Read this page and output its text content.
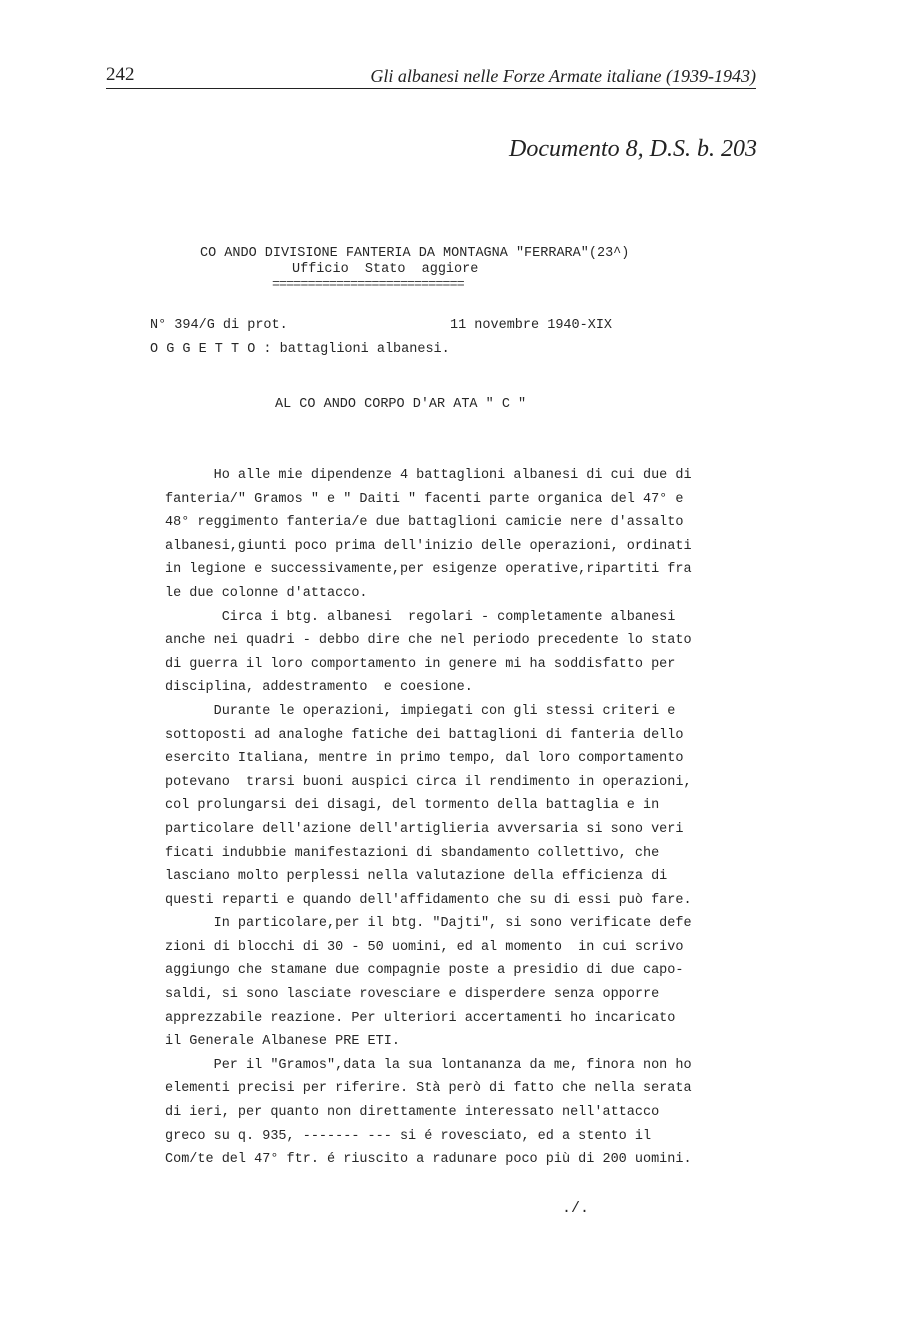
242	Gli albanesi nelle Forze Armate italiane (1939-1943)
Documento 8, D.S. b. 203
CO ANDO DIVISIONE FANTERIA DA MONTAGNA "FERRARA"(23^)
Ufficio  Stato  aggiore
===========================
N° 394/G di prot.	11 novembre 1940-XIX
O G G E T T O : battaglioni albanesi.
AL CO ANDO CORPO D'AR ATA " C "
Ho alle mie dipendenze 4 battaglioni albanesi di cui due di
fanteria/" Gramos " e " Daiti " facenti parte organica del 47° e
48° reggimento fanteria/e due battaglioni camicie nere d'assalto
albanesi,giunti poco prima dell'inizio delle operazioni, ordinati
in legione e successivamente,per esigenze operative,ripartiti fra
le due colonne d'attacco.
Circa i btg. albanesi  regolari - completamente albanesi
anche nei quadri - debbo dire che nel periodo precedente lo stato
di guerra il loro comportamento in genere mi ha soddisfatto per
disciplina, addestramento  e coesione.
Durante le operazioni, impiegati con gli stessi criteri e
sottoposti ad analoghe fatiche dei battaglioni di fanteria dello
esercito Italiana, mentre in primo tempo, dal loro comportamento
potevano  trarsi buoni auspici circa il rendimento in operazioni,
col prolungarsi dei disagi, del tormento della battaglia e in
particolare dell'azione dell'artiglieria avversaria si sono veri
ficati indubbie manifestazioni di sbandamento collettivo, che
lasciano molto perplessi nella valutazione della efficienza di
questi reparti e quando dell'affidamento che su di essi può fare.
In particolare,per il btg. "Dajti", si sono verificate defe
zioni di blocchi di 30 - 50 uomini, ed al momento  in cui scrivo
aggiungo che stamane due compagnie poste a presidio di due capo-
saldi, si sono lasciate rovesciare e disperdere senza opporre
apprezzabile reazione. Per ulteriori accertamenti ho incaricato
il Generale Albanese PRE ETI.
Per il "Gramos",data la sua lontananza da me, finora non ho
elementi precisi per riferire. Stà però di fatto che nella serata
di ieri, per quanto non direttamente interessato nell'attacco
greco su q. 935, ------- --- si é rovesciato, ed a stento il
Com/te del 47° ftr. é riuscito a radunare poco più di 200 uomini.
./.
